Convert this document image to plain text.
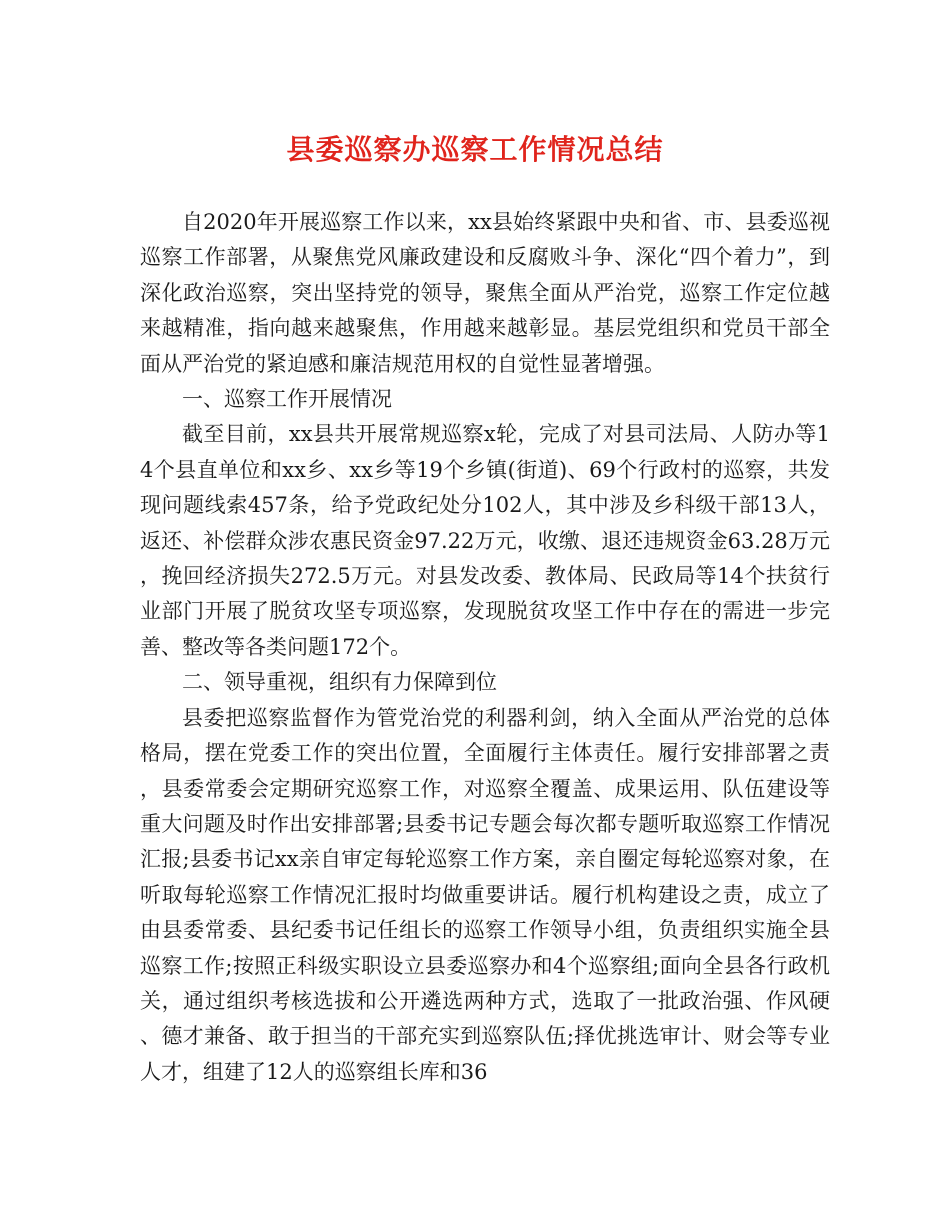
县委巡察办巡察工作情况总结

自2020年开展巡察工作以来，xx县始终紧跟中央和省、市、县委巡视巡察工作部署，从聚焦党风廉政建设和反腐败斗争、深化“四个着力”，到深化政治巡察，突出坚持党的领导，聚焦全面从严治党，巡察工作定位越来越精准，指向越来越聚焦，作用越来越彰显。基层党组织和党员干部全面从严治党的紧迫感和廉洁规范用权的自觉性显著增强。

一、巡察工作开展情况

截至目前，xx县共开展常规巡察x轮，完成了对县司法局、人防办等14个县直单位和xx乡、xx乡等19个乡镇(街道)、69个行政村的巡察，共发现问题线索457条，给予党政纪处分102人，其中涉及乡科级干部13人，返还、补偿群众涉农惠民资金97.22万元，收缴、退还违规资金63.28万元，挽回经济损失272.5万元。对县发改委、教体局、民政局等14个扶贫行业部门开展了脱贫攻坚专项巡察，发现脱贫攻坚工作中存在的需进一步完善、整改等各类问题172个。

二、领导重视，组织有力保障到位

县委把巡察监督作为管党治党的利器利剑，纳入全面从严治党的总体格局，摆在党委工作的突出位置，全面履行主体责任。履行安排部署之责，县委常委会定期研究巡察工作，对巡察全覆盖、成果运用、队伍建设等重大问题及时作出安排部署;县委书记专题会每次都专题听取巡察工作情况汇报;县委书记xx亲自审定每轮巡察工作方案，亲自圈定每轮巡察对象，在听取每轮巡察工作情况汇报时均做重要讲话。履行机构建设之责，成立了由县委常委、县纪委书记任组长的巡察工作领导小组，负责组织实施全县巡察工作;按照正科级实职设立县委巡察办和4个巡察组;面向全县各行政机关，通过组织考核选拔和公开遴选两种方式，选取了一批政治强、作风硬、德才兼备、敢于担当的干部充实到巡察队伍;择优挑选审计、财会等专业人才，组建了12人的巡察组长库和36
